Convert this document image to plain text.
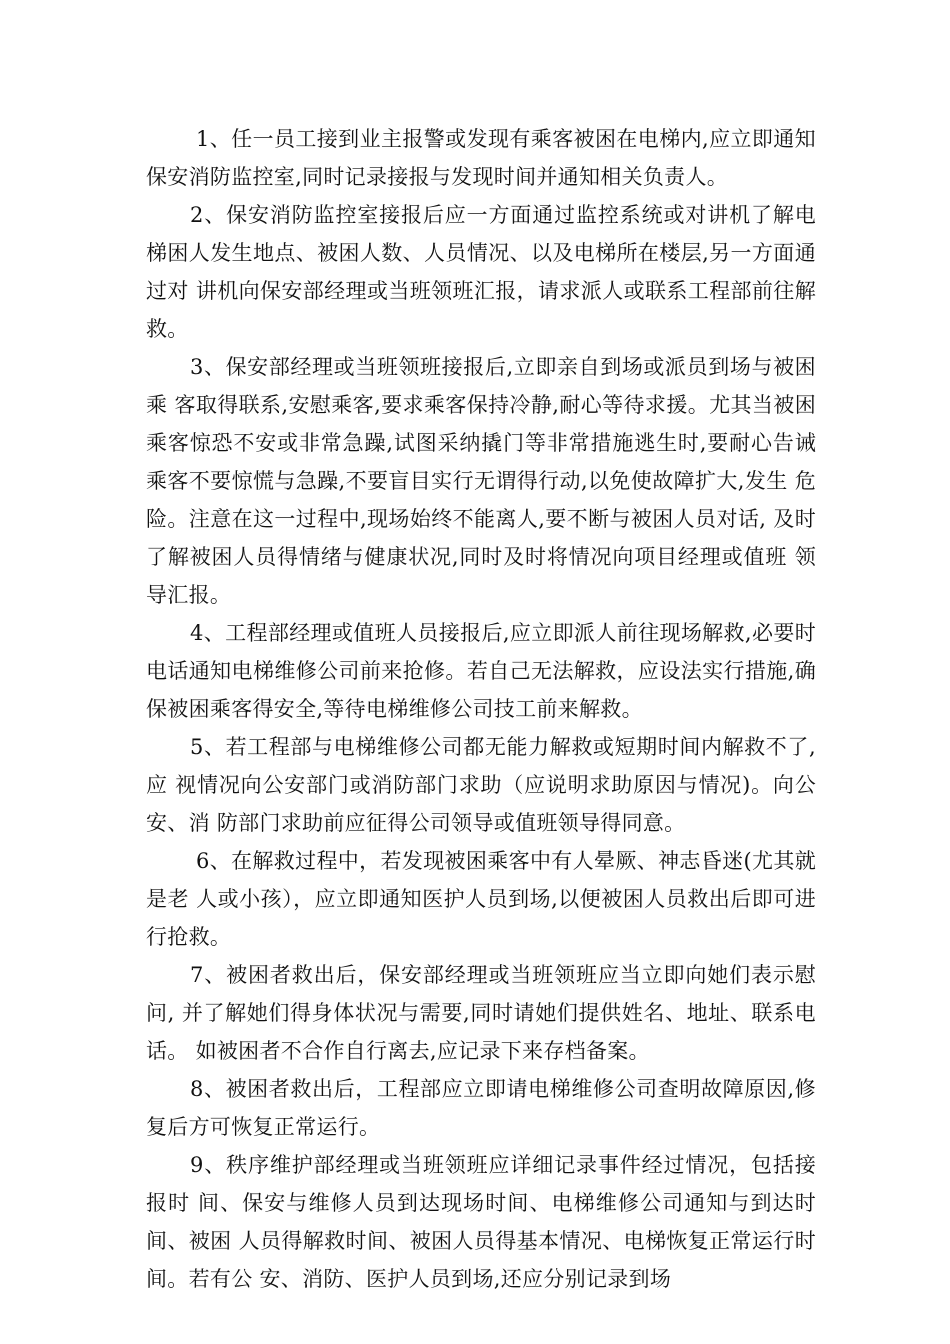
1、任一员工接到业主报警或发现有乘客被困在电梯内,应立即通知保安消防监控室,同时记录接报与发现时间并通知相关负责人。

2、保安消防监控室接报后应一方面通过监控系统或对讲机了解电梯困人发生地点、被困人数、人员情况、以及电梯所在楼层,另一方面通过对 讲机向保安部经理或当班领班汇报，请求派人或联系工程部前往解救。

3、保安部经理或当班领班接报后,立即亲自到场或派员到场与被困乘 客取得联系,安慰乘客,要求乘客保持冷静,耐心等待求援。尤其当被困 乘客惊恐不安或非常急躁,试图采纳撬门等非常措施逃生时,要耐心告诫 乘客不要惊慌与急躁,不要盲目实行无谓得行动,以免使故障扩大,发生 危险。注意在这一过程中,现场始终不能离人,要不断与被困人员对话, 及时了解被困人员得情绪与健康状况,同时及时将情况向项目经理或值班 领导汇报。

4、工程部经理或值班人员接报后,应立即派人前往现场解救,必要时 电话通知电梯维修公司前来抢修。若自己无法解救，应设法实行措施,确 保被困乘客得安全,等待电梯维修公司技工前来解救。

5、若工程部与电梯维修公司都无能力解救或短期时间内解救不了,应 视情况向公安部门或消防部门求助（应说明求助原因与情况)。向公安、消 防部门求助前应征得公司领导或值班领导得同意。

6、在解救过程中，若发现被困乘客中有人晕厥、神志昏迷(尤其就是老 人或小孩），应立即通知医护人员到场,以便被困人员救出后即可进行抢救。

7、被困者救出后，保安部经理或当班领班应当立即向她们表示慰问, 并了解她们得身体状况与需要,同时请她们提供姓名、地址、联系电话。 如被困者不合作自行离去,应记录下来存档备案。

8、被困者救出后，工程部应立即请电梯维修公司查明故障原因,修复后方可恢复正常运行。

9、秩序维护部经理或当班领班应详细记录事件经过情况，包括接报时 间、保安与维修人员到达现场时间、电梯维修公司通知与到达时间、被困 人员得解救时间、被困人员得基本情况、电梯恢复正常运行时间。若有公 安、消防、医护人员到场,还应分别记录到场
